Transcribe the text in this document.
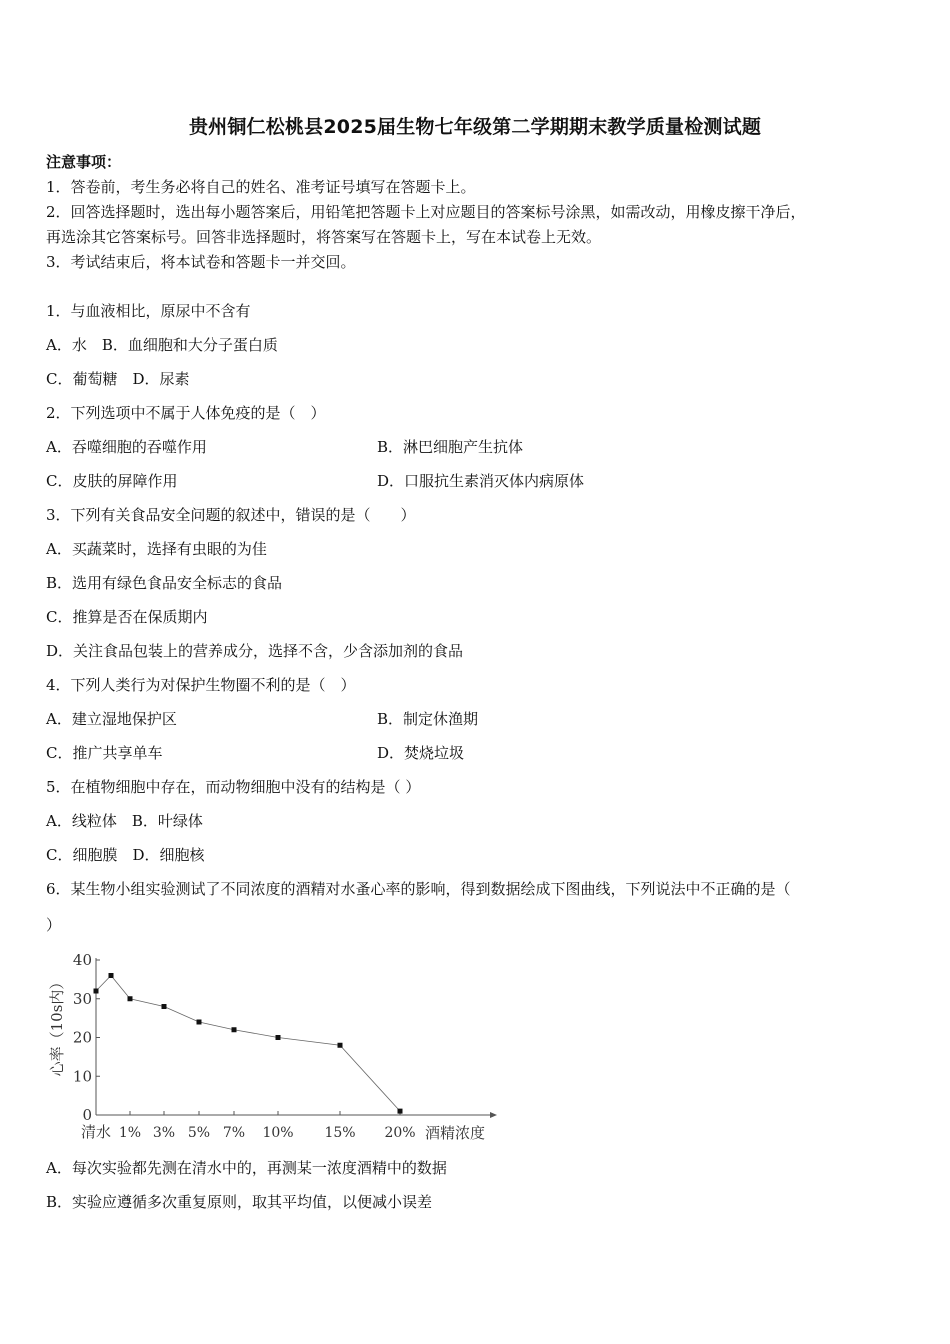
贵州铜仁松桃县2025届生物七年级第二学期期末教学质量检测试题
注意事项：
1．答卷前，考生务必将自己的姓名、准考证号填写在答题卡上。
2．回答选择题时，选出每小题答案后，用铅笔把答题卡上对应题目的答案标号涂黑，如需改动，用橡皮擦干净后，
再选涂其它答案标号。回答非选择题时，将答案写在答题卡上，写在本试卷上无效。
3．考试结束后，将本试卷和答题卡一并交回。
1．与血液相比，原尿中不含有
A．水　B．血细胞和大分子蛋白质
C．葡萄糖　D．尿素
2．下列选项中不属于人体免疫的是（　）
A．吞噬细胞的吞噬作用	B．淋巴细胞产生抗体
C．皮肤的屏障作用	D．口服抗生素消灭体内病原体
3．下列有关食品安全问题的叙述中，错误的是（　　）
A．买蔬菜时，选择有虫眼的为佳
B．选用有绿色食品安全标志的食品
C．推算是否在保质期内
D．关注食品包装上的营养成分，选择不含，少含添加剂的食品
4．下列人类行为对保护生物圈不利的是（　）
A．建立湿地保护区	B．制定休渔期
C．推广共享单车	D．焚烧垃圾
5．在植物细胞中存在，而动物细胞中没有的结构是（ ）
A．线粒体　B．叶绿体
C．细胞膜　D．细胞核
6．某生物小组实验测试了不同浓度的酒精对水蚤心率的影响，得到数据绘成下图曲线，下列说法中不正确的是（
）
0
10
20
30
40
清水 1% 3% 5% 7% 10% 15% 20%
心率（10s内）
酒精浓度
A．每次实验都先测在清水中的，再测某一浓度酒精中的数据
B．实验应遵循多次重复原则，取其平均值，以便减小误差
